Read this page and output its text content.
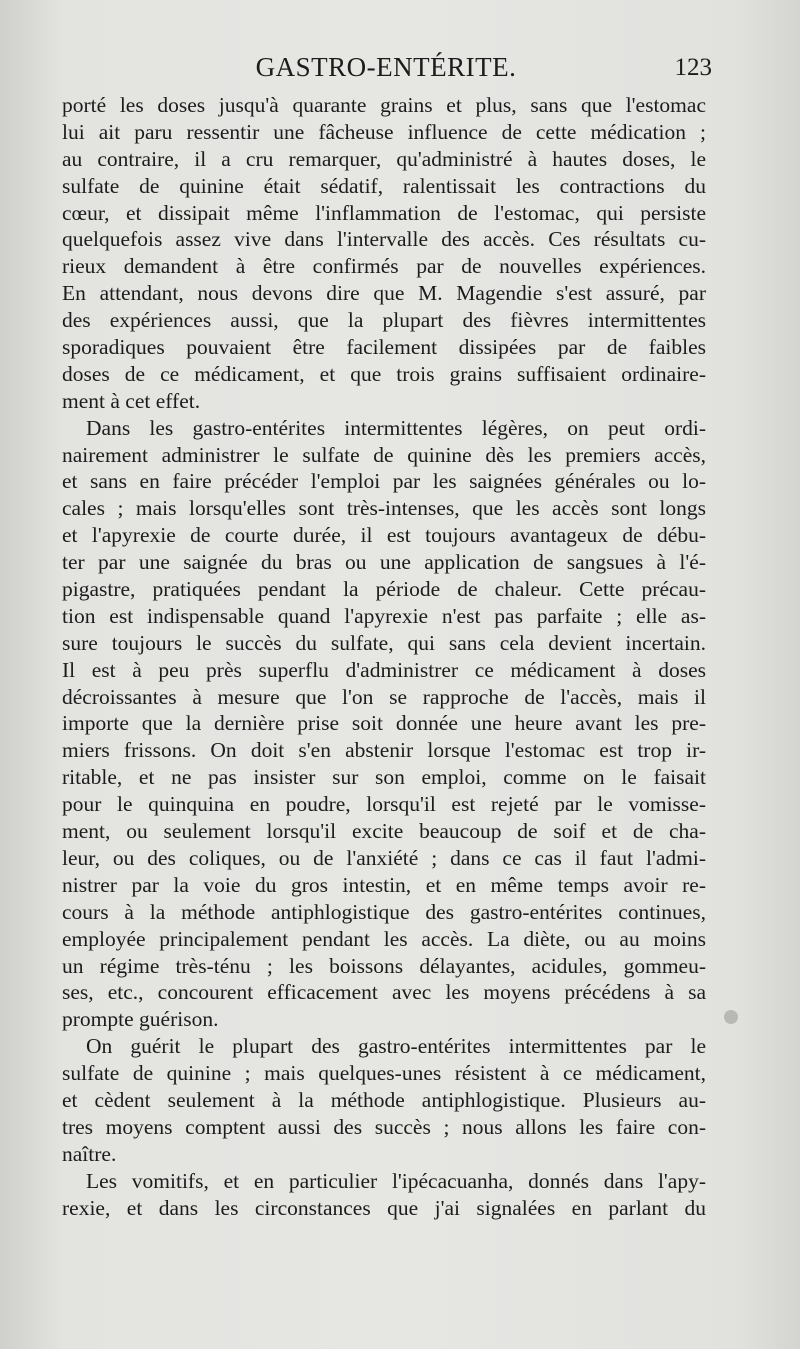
GASTRO-ENTÉRITE.	123
porté les doses jusqu'à quarante grains et plus, sans que l'estomac
lui ait paru ressentir une fâcheuse influence de cette médication ;
au contraire, il a cru remarquer, qu'administré à hautes doses, le
sulfate de quinine était sédatif, ralentissait les contractions du
cœur, et dissipait même l'inflammation de l'estomac, qui persiste
quelquefois assez vive dans l'intervalle des accès. Ces résultats cu-
rieux demandent à être confirmés par de nouvelles expériences.
En attendant, nous devons dire que M. Magendie s'est assuré, par
des expériences aussi, que la plupart des fièvres intermittentes
sporadiques pouvaient être facilement dissipées par de faibles
doses de ce médicament, et que trois grains suffisaient ordinaire-
ment à cet effet.
Dans les gastro-entérites intermittentes légères, on peut ordi-
nairement administrer le sulfate de quinine dès les premiers accès,
et sans en faire précéder l'emploi par les saignées générales ou lo-
cales ; mais lorsqu'elles sont très-intenses, que les accès sont longs
et l'apyrexie de courte durée, il est toujours avantageux de débu-
ter par une saignée du bras ou une application de sangsues à l'é-
pigastre, pratiquées pendant la période de chaleur. Cette précau-
tion est indispensable quand l'apyrexie n'est pas parfaite ; elle as-
sure toujours le succès du sulfate, qui sans cela devient incertain.
Il est à peu près superflu d'administrer ce médicament à doses
décroissantes à mesure que l'on se rapproche de l'accès, mais il
importe que la dernière prise soit donnée une heure avant les pre-
miers frissons. On doit s'en abstenir lorsque l'estomac est trop ir-
ritable, et ne pas insister sur son emploi, comme on le faisait
pour le quinquina en poudre, lorsqu'il est rejeté par le vomisse-
ment, ou seulement lorsqu'il excite beaucoup de soif et de cha-
leur, ou des coliques, ou de l'anxiété ; dans ce cas il faut l'admi-
nistrer par la voie du gros intestin, et en même temps avoir re-
cours à la méthode antiphlogistique des gastro-entérites continues,
employée principalement pendant les accès. La diète, ou au moins
un régime très-ténu ; les boissons délayantes, acidules, gommeu-
ses, etc., concourent efficacement avec les moyens précédens à sa
prompte guérison.
On guérit le plupart des gastro-entérites intermittentes par le
sulfate de quinine ; mais quelques-unes résistent à ce médicament,
et cèdent seulement à la méthode antiphlogistique. Plusieurs au-
tres moyens comptent aussi des succès ; nous allons les faire con-
naître.
Les vomitifs, et en particulier l'ipécacuanha, donnés dans l'apy-
rexie, et dans les circonstances que j'ai signalées en parlant du
